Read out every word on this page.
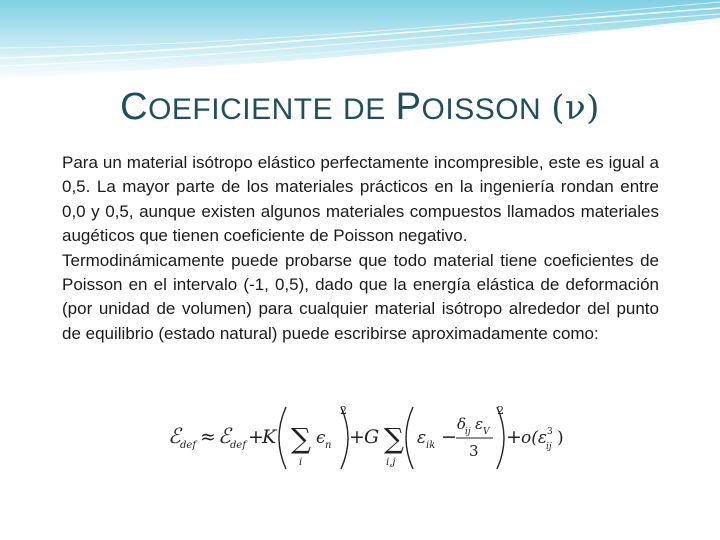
COEFICIENTE DE POISSON (ν)

Para un material isótropo elástico perfectamente incompresible, este es igual a 0,5. La mayor parte de los materiales prácticos en la ingeniería rondan entre 0,0 y 0,5, aunque existen algunos materiales compuestos llamados materiales augéticos que tienen coeficiente de Poisson negativo.

Termodinámicamente puede probarse que todo material tiene coeficientes de Poisson en el intervalo (-1, 0,5), dado que la energía elástica de deformación (por unidad de volumen) para cualquier material isótropo alrededor del punto de equilibrio (estado natural) puede escribirse aproximadamente como:

ℰ def ≈ ℰ def +
K ∑
i
ϵ n
2
+ G ∑
i,j
ε ik −
δ
ij ε V
3
2
+ o(ε 3
ij )
